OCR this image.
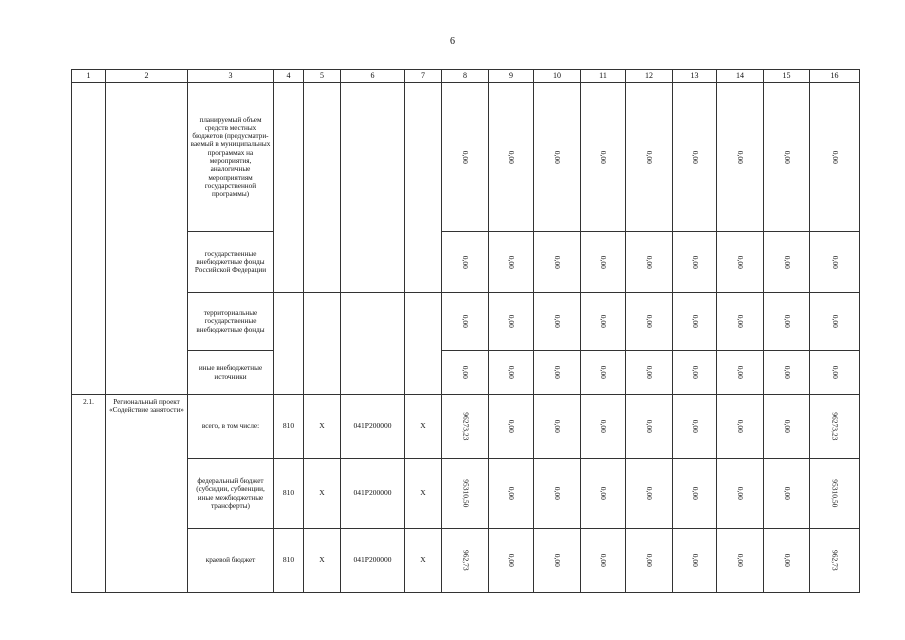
6
1	2	3	4	5	6	7	8	9	10	11	12	13	14	15	16
		планируемый объем средств местных бюджетов (предусматри-ваемый в муниципальных программах на мероприятия, аналогичные мероприятиям государственной программы)					0,00	0,00	0,00	0,00	0,00	0,00	0,00	0,00	0,00
		государственные внебюджетные фонды Российской Федерации					0,00	0,00	0,00	0,00	0,00	0,00	0,00	0,00	0,00
		территориальные государственные внебюджетные фонды					0,00	0,00	0,00	0,00	0,00	0,00	0,00	0,00	0,00
		иные внебюджетные источники					0,00	0,00	0,00	0,00	0,00	0,00	0,00	0,00	0,00
2.1.	Региональный проект «Содействие занятости»	всего, в том числе:	810	Х	041Р200000	Х	96273,23	0,00	0,00	0,00	0,00	0,00	0,00	0,00	96273,23
		федеральный бюджет (субсидии, субвенции, иные межбюджетные трансферты)	810	Х	041Р200000	Х	95310,50	0,00	0,00	0,00	0,00	0,00	0,00	0,00	95310,50
		краевой бюджет	810	Х	041Р200000	Х	962,73	0,00	0,00	0,00	0,00	0,00	0,00	0,00	962,73
